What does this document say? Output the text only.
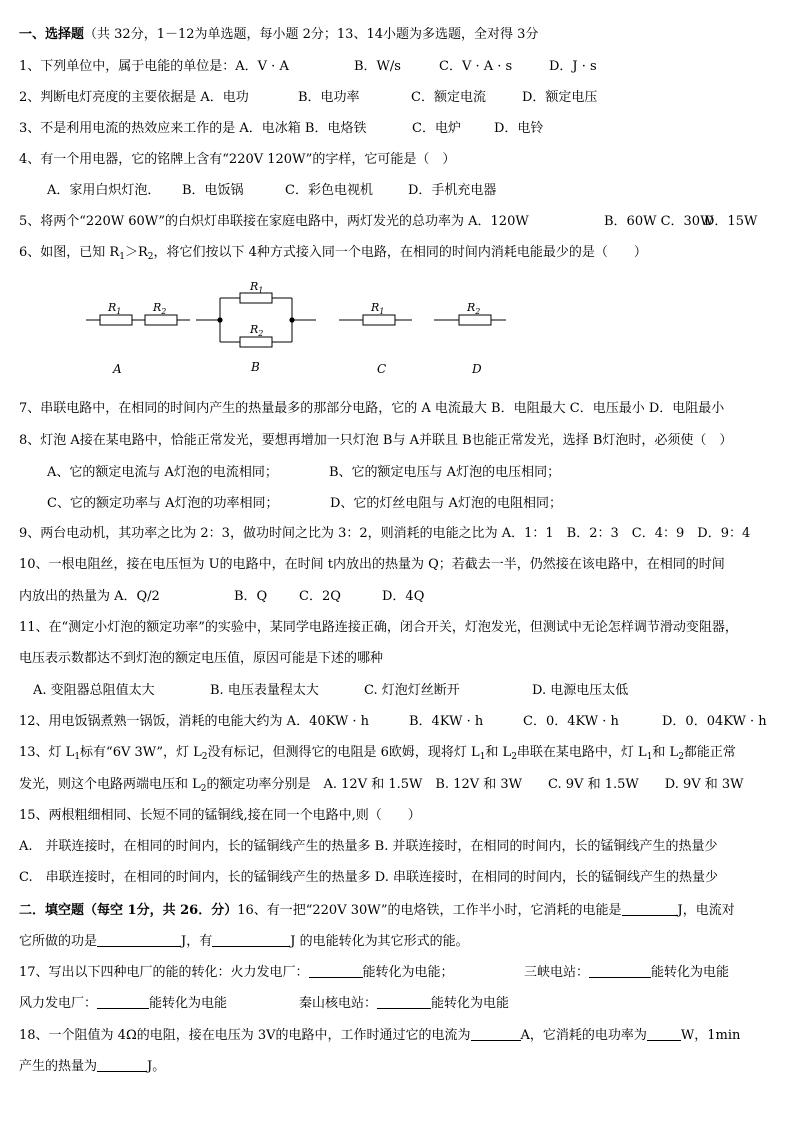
一、选择题（共 32分，1－12为单选题，每小题 2分；13、14小题为多选题，全对得 3分
1、下列单位中，属于电能的单位是：A．V · A	B．W/s	C．V · A · s	D．J · s
2、判断电灯亮度的主要依据是 A．电功	B．电功率	C．额定电流	D．额定电压
3、不是利用电流的热效应来工作的是 A．电冰箱 B．电烙铁	C．电炉	D．电铃
4、有一个用电器，它的铭牌上含有“220V 120W”的字样，它可能是（　）
A．家用白炽灯泡． B．电饭锅	C．彩色电视机	D．手机充电器
5、将两个“220W 60W”的白炽灯串联接在家庭电路中，两灯发光的总功率为 A．120W	B．60W C．30W
D．15W
6、如图，已知 $R_1>R_2$，将它们按以下 4种方式接入同一个电路，在相同的时间内消耗电能最少的是（　　）
$R_1$	$R_2$
$R_1$
$R_2$
$R_1$	$R_2$
A	B	C	D
7、串联电路中，在相同的时间内产生的热量最多的那部分电路，它的 A 电流最大 B．电阻最大 C．电压最小 D．电阻最小
8、灯泡 A接在某电路中，恰能正常发光，要想再增加一只灯泡 B与 A并联且 B也能正常发光，选择 B灯泡时，必须使（　）
A、它的额定电流与 A灯泡的电流相同；	B、它的额定电压与 A灯泡的电压相同；
C、它的额定功率与 A灯泡的功率相同；	D、它的灯丝电阻与 A灯泡的电阻相同；
9、两台电动机，其功率之比为 2：3，做功时间之比为 3：2，则消耗的电能之比为 A．1：1　B．2：3　C．4：9　D．9：4
10、一根电阻丝，接在电压恒为 U的电路中，在时间 t内放出的热量为 Q；若截去一半，仍然接在该电路中，在相同的时间
内放出的热量为 A．Q/2	B．Q C．2Q	D．4Q
11、在“测定小灯泡的额定功率”的实验中，某同学电路连接正确，闭合开关，灯泡发光，但测试中无论怎样调节滑动变阻器，
电压表示数都达不到灯泡的额定电压值，原因可能是下述的哪种
A. 变阻器总阻值太大	B. 电压表量程太大	C. 灯泡灯丝断开	D. 电源电压太低
12、用电饭锅煮熟一锅饭，消耗的电能大约为 A．40KW · h	B．4KW · h	C．0．4KW · h	D．0．04KW · h
13、灯 $L_1$标有“6V 3W”，灯 $L_2$没有标记，但测得它的电阻是 6欧姆，现将灯 $L_1$和 $L_2$串联在某电路中，灯 $L_1$和 $L_2$都能正常
发光，则这个电路两端电压和 $L_2$的额定功率分别是　A. 12V 和 1.5W　B. 12V 和 3W　　C. 9V 和 1.5W　　D. 9V 和 3W
15、两根粗细相同、长短不同的锰铜线,接在同一个电路中,则（　　）
A.　并联连接时，在相同的时间内，长的锰铜线产生的热量多 B. 并联连接时，在相同的时间内，长的锰铜线产生的热量少
C.　串联连接时，在相同的时间内，长的锰铜线产生的热量多 D. 串联连接时，在相同的时间内，长的锰铜线产生的热量少
二．填空题（每空 1分，共 26．分）16、有一把“220V 30W”的电烙铁，工作半小时，它消耗的电能是	J，电流对
它所做的功是	J，有	J 的电能转化为其它形式的能。
17、写出以下四种电厂的能的转化：火力发电厂：	能转化为电能；	三峡电站：	能转化为电能
风力发电厂：	能转化为电能	秦山核电站：	能转化为电能
18、一个阻值为 4Ω的电阻，接在电压为 3V的电路中，工作时通过它的电流为	A，它消耗的电功率为	W，1min
产生的热量为	J。
